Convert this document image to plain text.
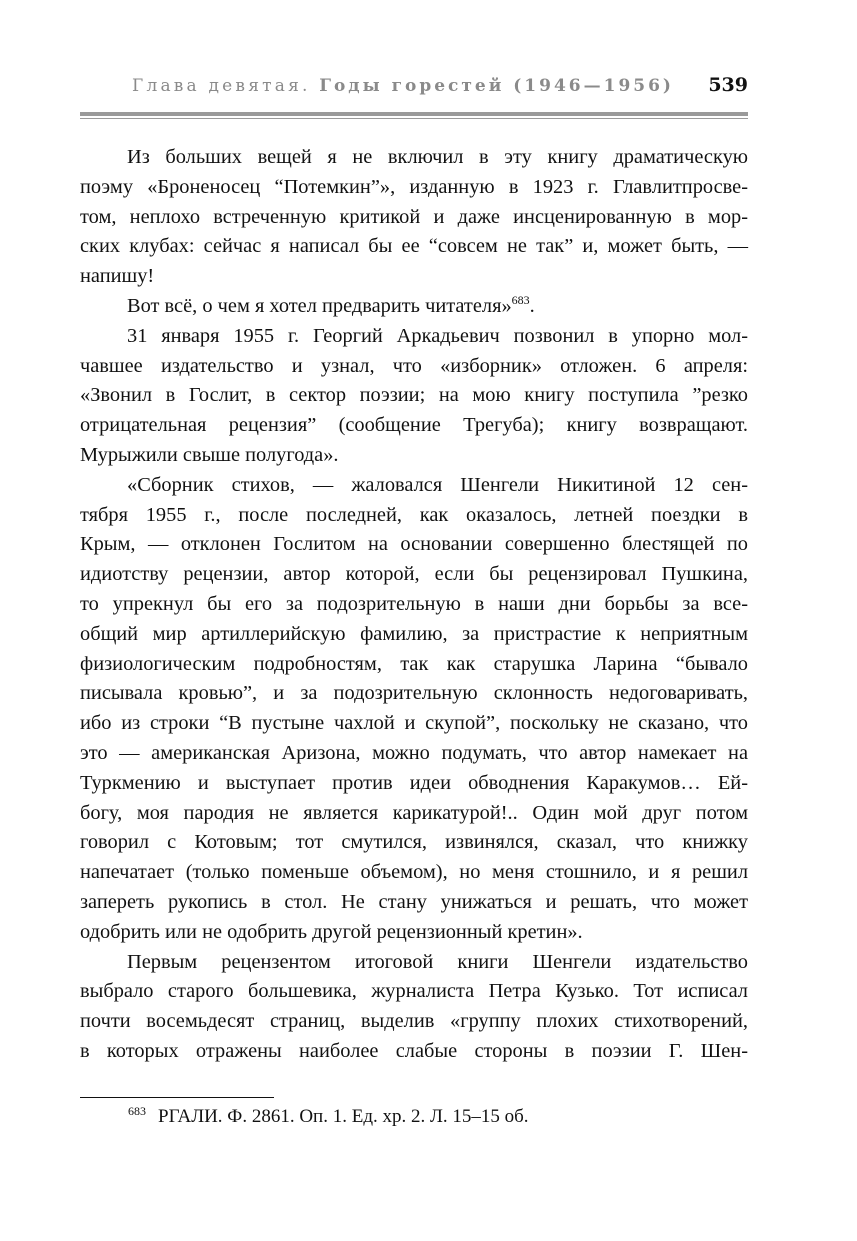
Глава девятая. Годы горестей (1946—1956)	539
Из больших вещей я не включил в эту книгу драматическую
поэму «Броненосец “Потемкин”», изданную в 1923 г. Главлитпросве-
том, неплохо встреченную критикой и даже инсценированную в мор-
ских клубах: сейчас я написал бы ее “совсем не так” и, может быть, —
напишу!
Вот всё, о чем я хотел предварить читателя»$^{683}$.
31 января 1955 г. Георгий Аркадьевич позвонил в упорно мол-
чавшее издательство и узнал, что «изборник» отложен. 6 апреля:
«Звонил в Гослит, в сектор поэзии; на мою книгу поступила ”резко
отрицательная рецензия” (сообщение Трегуба); книгу возвращают.
Мурыжили свыше полугода».
«Сборник стихов, — жаловался Шенгели Никитиной 12 сен-
тября 1955 г., после последней, как оказалось, летней поездки в
Крым, — отклонен Гослитом на основании совершенно блестящей по
идиотству рецензии, автор которой, если бы рецензировал Пушкина,
то упрекнул бы его за подозрительную в наши дни борьбы за все-
общий мир артиллерийскую фамилию, за пристрастие к неприятным
физиологическим подробностям, так как старушка Ларина “бывало
писывала кровью”, и за подозрительную склонность недоговаривать,
ибо из строки “В пустыне чахлой и скупой”, поскольку не сказано, что
это — американская Аризона, можно подумать, что автор намекает на
Туркмению и выступает против идеи обводнения Каракумов… Ей-
богу, моя пародия не является карикатурой!.. Один мой друг потом
говорил с Котовым; тот смутился, извинялся, сказал, что книжку
напечатает (только поменьше объемом), но меня стошнило, и я решил
запереть рукопись в стол. Не стану унижаться и решать, что может
одобрить или не одобрить другой рецензионный кретин».
Первым рецензентом итоговой книги Шенгели издательство
выбрало старого большевика, журналиста Петра Кузько. Тот исписал
почти восемьдесят страниц, выделив «группу плохих стихотворений,
в которых отражены наиболее слабые стороны в поэзии Г. Шен-
$^{683}$ РГАЛИ. Ф. 2861. Оп. 1. Ед. хр. 2. Л. 15–15 об.
